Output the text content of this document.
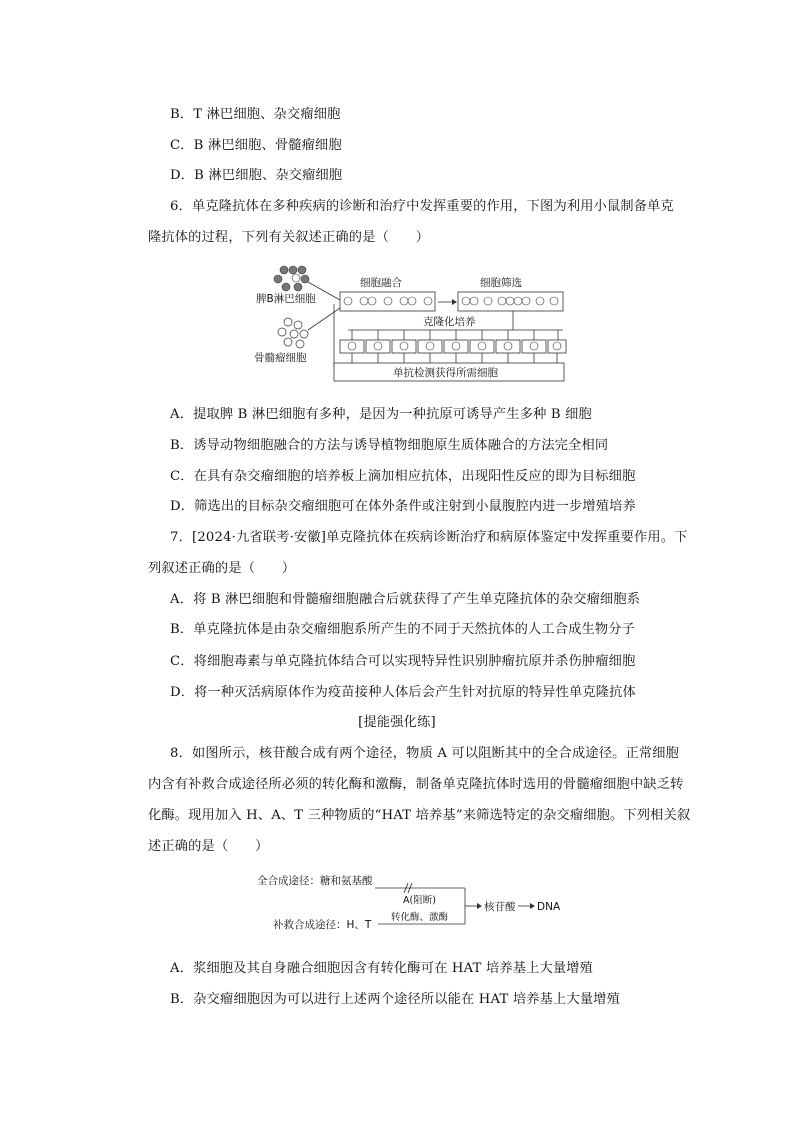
B．T 淋巴细胞、杂交瘤细胞
C．B 淋巴细胞、骨髓瘤细胞
D．B 淋巴细胞、杂交瘤细胞
6．单克隆抗体在多种疾病的诊断和治疗中发挥重要的作用，下图为利用小鼠制备单克
隆抗体的过程，下列有关叙述正确的是（　　）
脾B淋巴细胞
骨髓瘤细胞
细胞融合	细胞筛选
克隆化培养
单抗检测获得所需细胞
A．提取脾 B 淋巴细胞有多种，是因为一种抗原可诱导产生多种 B 细胞
B．诱导动物细胞融合的方法与诱导植物细胞原生质体融合的方法完全相同
C．在具有杂交瘤细胞的培养板上滴加相应抗体，出现阳性反应的即为目标细胞
D．筛选出的目标杂交瘤细胞可在体外条件或注射到小鼠腹腔内进一步增殖培养
7．[2024·九省联考·安徽]单克隆抗体在疾病诊断治疗和病原体鉴定中发挥重要作用。下
列叙述正确的是（　　）
A．将 B 淋巴细胞和骨髓瘤细胞融合后就获得了产生单克隆抗体的杂交瘤细胞系
B．单克隆抗体是由杂交瘤细胞系所产生的不同于天然抗体的人工合成生物分子
C．将细胞毒素与单克隆抗体结合可以实现特异性识别肿瘤抗原并杀伤肿瘤细胞
D．将一种灭活病原体作为疫苗接种人体后会产生针对抗原的特异性单克隆抗体
[提能强化练]
8．如图所示，核苷酸合成有两个途径，物质 A 可以阻断其中的全合成途径。正常细胞
内含有补救合成途径所必须的转化酶和激酶，制备单克隆抗体时选用的骨髓瘤细胞中缺乏转
化酶。现用加入 H、A、T 三种物质的“HAT 培养基”来筛选特定的杂交瘤细胞。下列相关叙
述正确的是（　　）
全合成途径：糖和氨基酸
A(阻断)
补救合成途径：H、T
转化酶、激酶
核苷酸 DNA
A．浆细胞及其自身融合细胞因含有转化酶可在 HAT 培养基上大量增殖
B．杂交瘤细胞因为可以进行上述两个途径所以能在 HAT 培养基上大量增殖
